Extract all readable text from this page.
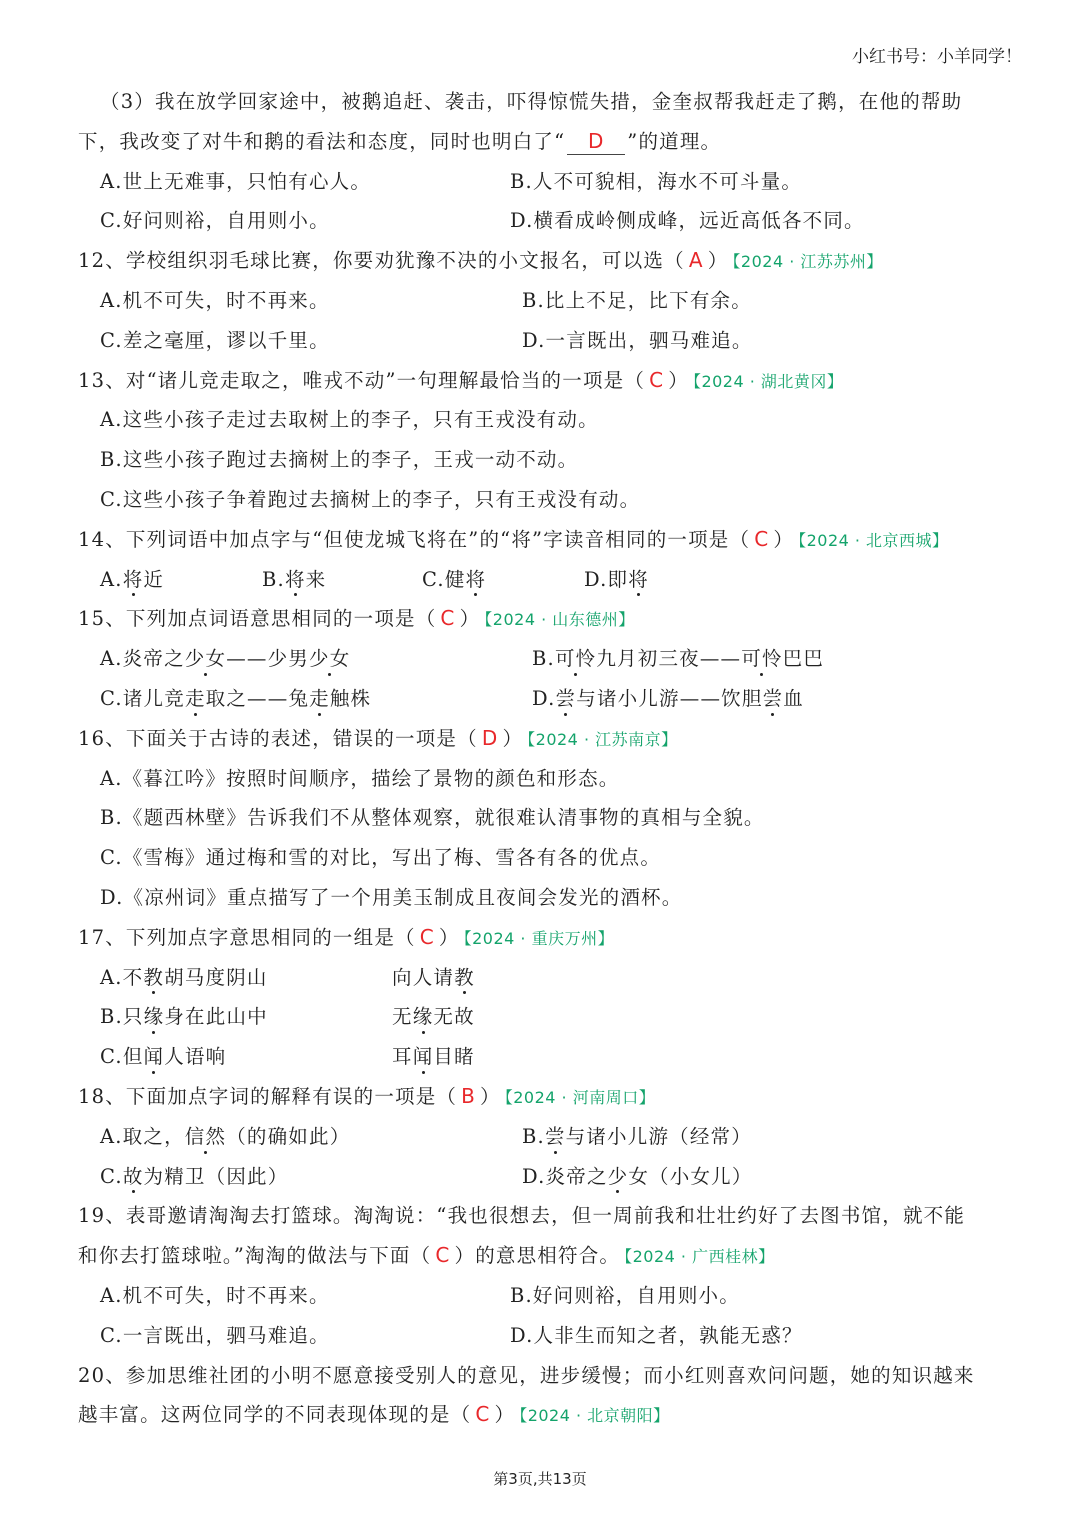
小红书号：小羊同学！
（3）我在放学回家途中，被鹅追赶、袭击，吓得惊慌失措，金奎叔帮我赶走了鹅，在他的帮助
下，我改变了对牛和鹅的看法和态度，同时也明白了“ D ”的道理。
A.世上无难事，只怕有心人。	B.人不可貌相，海水不可斗量。
C.好问则裕，自用则小。	D.横看成岭侧成峰，远近高低各不同。
12、学校组织羽毛球比赛，你要劝犹豫不决的小文报名，可以选（ A ） 【2024 · 江苏苏州】
A.机不可失，时不再来。	B.比上不足，比下有余。
C.差之毫厘，谬以千里。	D.一言既出，驷马难追。
13、对“诸儿竞走取之，唯戎不动”一句理解最恰当的一项是（ C ） 【2024 · 湖北黄冈】
A.这些小孩子走过去取树上的李子，只有王戎没有动。
B.这些小孩子跑过去摘树上的李子，王戎一动不动。
C.这些小孩子争着跑过去摘树上的李子，只有王戎没有动。
14、下列词语中加点字与“但使龙城飞将在”的“将”字读音相同的一项是（ C ） 【2024 · 北京西城】
A.将近	B.将来	C.健将	D.即将
15、下列加点词语意思相同的一项是（ C ） 【2024 · 山东德州】
A.炎帝之少女——少男少女	B.可怜九月初三夜——可怜巴巴
C.诸儿竞走取之——兔走触株	D.尝与诸小儿游——饮胆尝血
16、下面关于古诗的表述，错误的一项是（ D ） 【2024 · 江苏南京】
A.《暮江吟》按照时间顺序，描绘了景物的颜色和形态。
B.《题西林壁》告诉我们不从整体观察，就很难认清事物的真相与全貌。
C.《雪梅》通过梅和雪的对比，写出了梅、雪各有各的优点。
D.《凉州词》重点描写了一个用美玉制成且夜间会发光的酒杯。
17、下列加点字意思相同的一组是（ C ） 【2024 · 重庆万州】
A.不教胡马度阴山	向人请教
B.只缘身在此山中	无缘无故
C.但闻人语响	耳闻目睹
18、下面加点字词的解释有误的一项是（ B ） 【2024 · 河南周口】
A.取之，信然（的确如此）	B.尝与诸小儿游（经常）
C.故为精卫（因此）	D.炎帝之少女（小女儿）
19、表哥邀请淘淘去打篮球。淘淘说：“我也很想去，但一周前我和壮壮约好了去图书馆，就不能
和你去打篮球啦。”淘淘的做法与下面（ C ）的意思相符合。 【2024 · 广西桂林】
A.机不可失，时不再来。	B.好问则裕，自用则小。
C.一言既出，驷马难追。	D.人非生而知之者，孰能无惑？
20、参加思维社团的小明不愿意接受别人的意见，进步缓慢；而小红则喜欢问问题，她的知识越来
越丰富。这两位同学的不同表现体现的是（ C ） 【2024 · 北京朝阳】
第3页,共13页
